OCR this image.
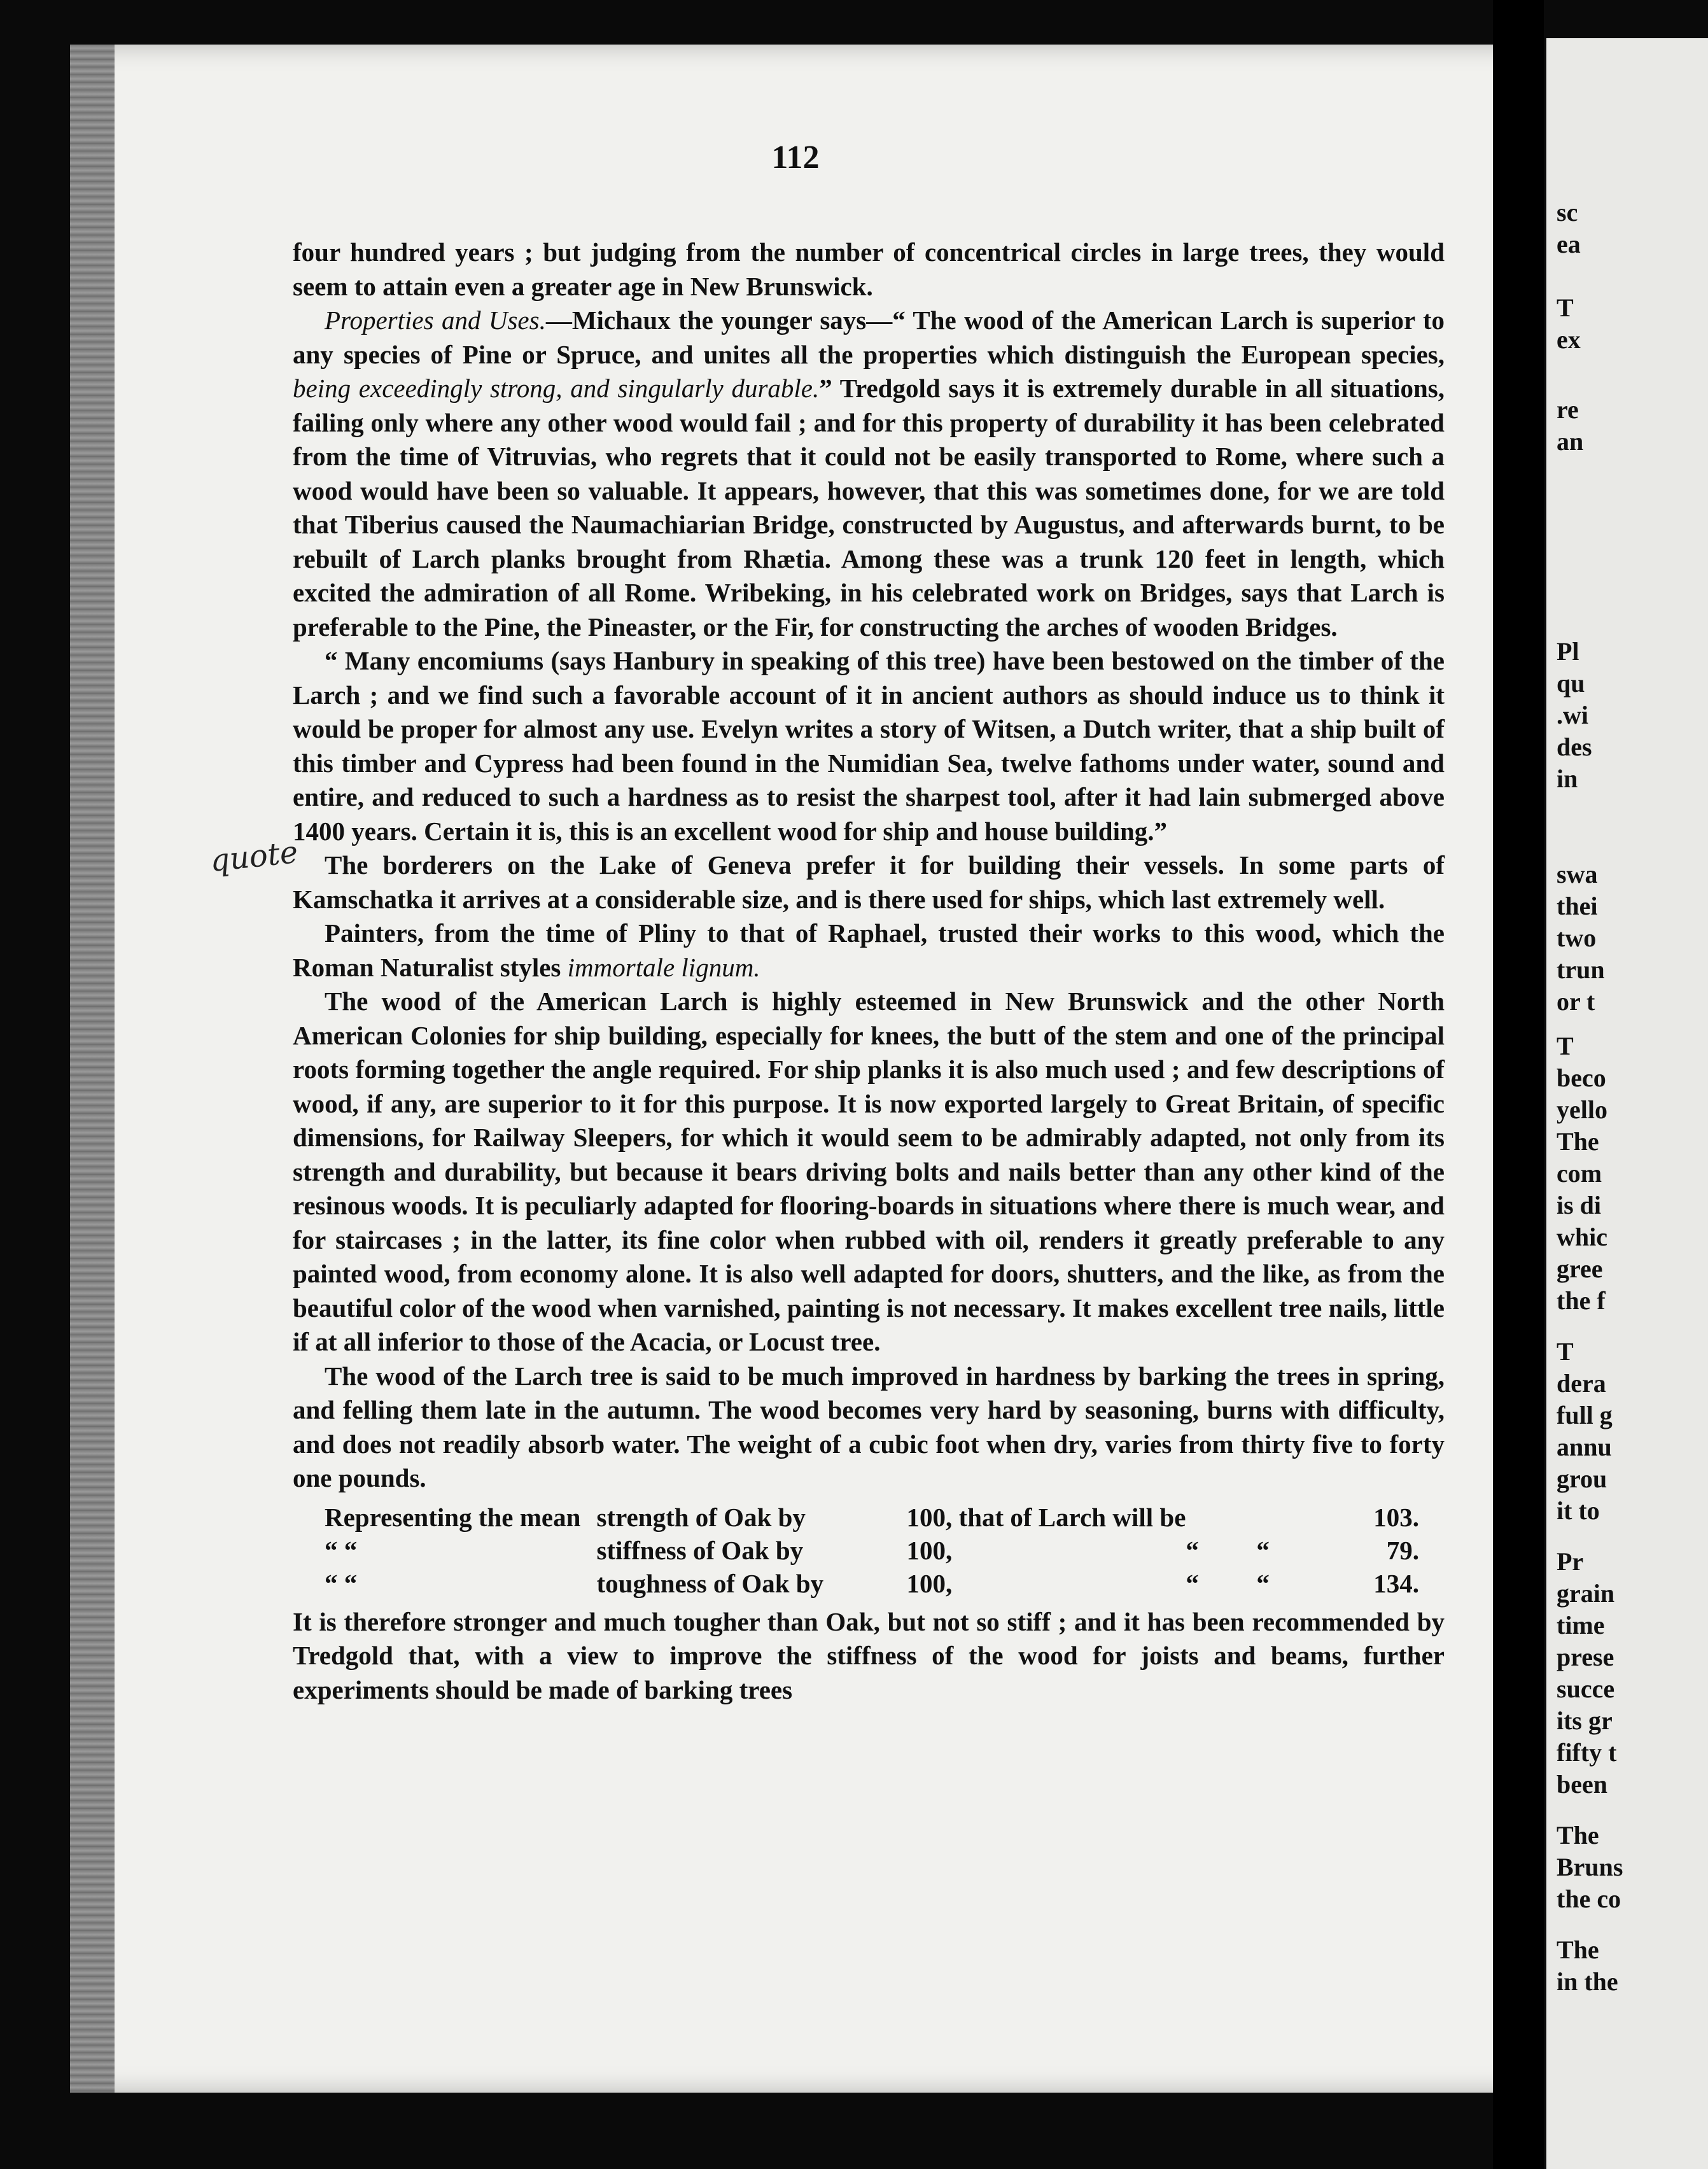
112

four hundred years ; but judging from the number of concentrical circles in large trees, they would seem to attain even a greater age in New Brunswick.

Properties and Uses.—Michaux the younger says—“ The wood of the American Larch is superior to any species of Pine or Spruce, and unites all the properties which distinguish the European species, being exceedingly strong, and singularly durable.” Tredgold says it is extremely durable in all situations, failing only where any other wood would fail ; and for this property of durability it has been celebrated from the time of Vitruvias, who regrets that it could not be easily transported to Rome, where such a wood would have been so valuable. It appears, however, that this was sometimes done, for we are told that Tiberius caused the Naumachiarian Bridge, constructed by Augustus, and afterwards burnt, to be rebuilt of Larch planks brought from Rhætia. Among these was a trunk 120 feet in length, which excited the admiration of all Rome. Wribeking, in his celebrated work on Bridges, says that Larch is preferable to the Pine, the Pineaster, or the Fir, for constructing the arches of wooden Bridges.

“ Many encomiums (says Hanbury in speaking of this tree) have been bestowed on the timber of the Larch ; and we find such a favorable account of it in ancient authors as should induce us to think it would be proper for almost any use. Evelyn writes a story of Witsen, a Dutch writer, that a ship built of this timber and Cypress had been found in the Numidian Sea, twelve fathoms under water, sound and entire, and reduced to such a hardness as to resist the sharpest tool, after it had lain submerged above 1400 years. Certain it is, this is an excellent wood for ship and house building.”

The borderers on the Lake of Geneva prefer it for building their vessels. In some parts of Kamschatka it arrives at a considerable size, and is there used for ships, which last extremely well.

Painters, from the time of Pliny to that of Raphael, trusted their works to this wood, which the Roman Naturalist styles immortale lignum.

The wood of the American Larch is highly esteemed in New Brunswick and the other North American Colonies for ship building, especially for knees, the butt of the stem and one of the principal roots forming together the angle required. For ship planks it is also much used ; and few descriptions of wood, if any, are superior to it for this purpose. It is now exported largely to Great Britain, of specific dimensions, for Railway Sleepers, for which it would seem to be admirably adapted, not only from its strength and durability, but because it bears driving bolts and nails better than any other kind of the resinous woods. It is peculiarly adapted for flooring-boards in situations where there is much wear, and for staircases ; in the latter, its fine color when rubbed with oil, renders it greatly preferable to any painted wood, from economy alone. It is also well adapted for doors, shutters, and the like, as from the beautiful color of the wood when varnished, painting is not necessary. It makes excellent tree nails, little if at all inferior to those of the Acacia, or Locust tree.

The wood of the Larch tree is said to be much improved in hardness by barking the trees in spring, and felling them late in the autumn. The wood becomes very hard by seasoning, burns with difficulty, and does not readily absorb water. The weight of a cubic foot when dry, varies from thirty five to forty one pounds.

Representing the mean	strength of Oak by	100, that of Larch will be			103.
“ “	stiffness of Oak by	100,	“	“	79.
“ “	toughness of Oak by	100,	“	“	134.

It is therefore stronger and much tougher than Oak, but not so stiff ; and it has been recommended by Tredgold that, with a view to improve the stiffness of the wood for joists and beams, further experiments should be made of barking trees

quote
sc
ea
T
ex
re
an
Pl
qu
.wi
des
in
swa
thei
two
trun
or t
T
beco
yello
The
com
is di
whic
gree
the f
T
dera
full g
annu
grou
it to
Pr
grain
time
prese
succe
its gr
fifty t
been
The
Bruns
the co
The
in the
